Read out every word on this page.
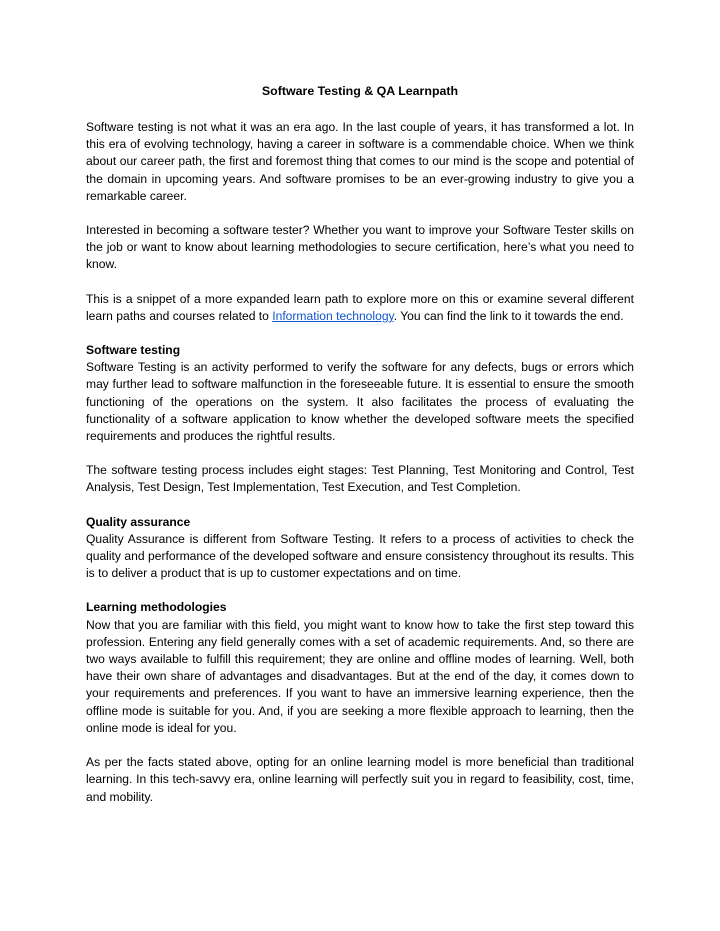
Software Testing & QA Learnpath

Software testing is not what it was an era ago. In the last couple of years, it has transformed a lot. In this era of evolving technology, having a career in software is a commendable choice. When we think about our career path, the first and foremost thing that comes to our mind is the scope and potential of the domain in upcoming years. And software promises to be an ever-growing industry to give you a remarkable career.

Interested in becoming a software tester? Whether you want to improve your Software Tester skills on the job or want to know about learning methodologies to secure certification, here’s what you need to know.

This is a snippet of a more expanded learn path to explore more on this or examine several different learn paths and courses related to Information technology. You can find the link to it towards the end.

Software testing

Software Testing is an activity performed to verify the software for any defects, bugs or errors which may further lead to software malfunction in the foreseeable future. It is essential to ensure the smooth functioning of the operations on the system. It also facilitates the process of evaluating the functionality of a software application to know whether the developed software meets the specified requirements and produces the rightful results.

The software testing process includes eight stages: Test Planning, Test Monitoring and Control, Test Analysis, Test Design, Test Implementation, Test Execution, and Test Completion.

Quality assurance

Quality Assurance is different from Software Testing. It refers to a process of activities to check the quality and performance of the developed software and ensure consistency throughout its results. This is to deliver a product that is up to customer expectations and on time.

Learning methodologies

Now that you are familiar with this field, you might want to know how to take the first step toward this profession. Entering any field generally comes with a set of academic requirements. And, so there are two ways available to fulfill this requirement; they are online and offline modes of learning. Well, both have their own share of advantages and disadvantages. But at the end of the day, it comes down to your requirements and preferences. If you want to have an immersive learning experience, then the offline mode is suitable for you. And, if you are seeking a more flexible approach to learning, then the online mode is ideal for you.

As per the facts stated above, opting for an online learning model is more beneficial than traditional learning. In this tech-savvy era, online learning will perfectly suit you in regard to feasibility, cost, time, and mobility.
